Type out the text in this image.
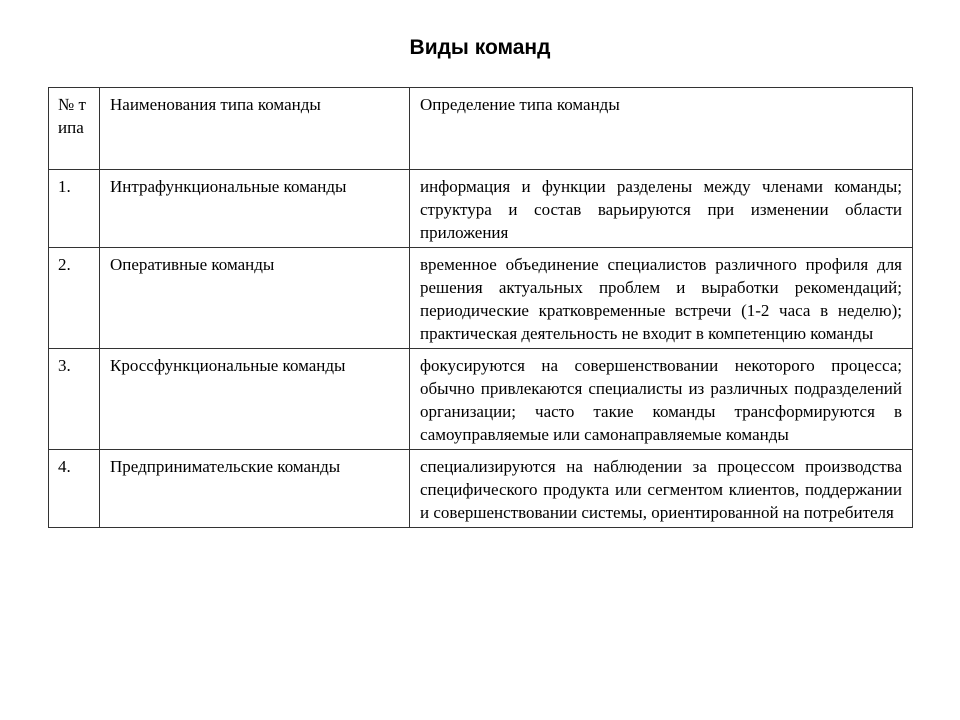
Виды команд
№ типа	Наименования типа команды	Определение типа команды
1.	Интрафункциональные команды	информация и функции разделены между членами команды; структура и состав варьируются при изменении области приложения
2.	Оперативные команды	временное объединение специалистов различного профиля для решения актуальных проблем и выработки рекомендаций; периодические кратковременные встречи (1-2 часа в неделю); практическая деятельность не входит в компетенцию команды
3.	Кроссфункциональные команды	фокусируются на совершенствовании некоторого процесса; обычно привлекаются специалисты из различных подразделений организации; часто такие команды трансформируются в самоуправляемые или самонаправляемые команды
4.	Предпринимательские команды	специализируются на наблюдении за процессом производства специфического продукта или сегментом клиентов, поддержании и совершенствовании системы, ориентированной на потребителя
